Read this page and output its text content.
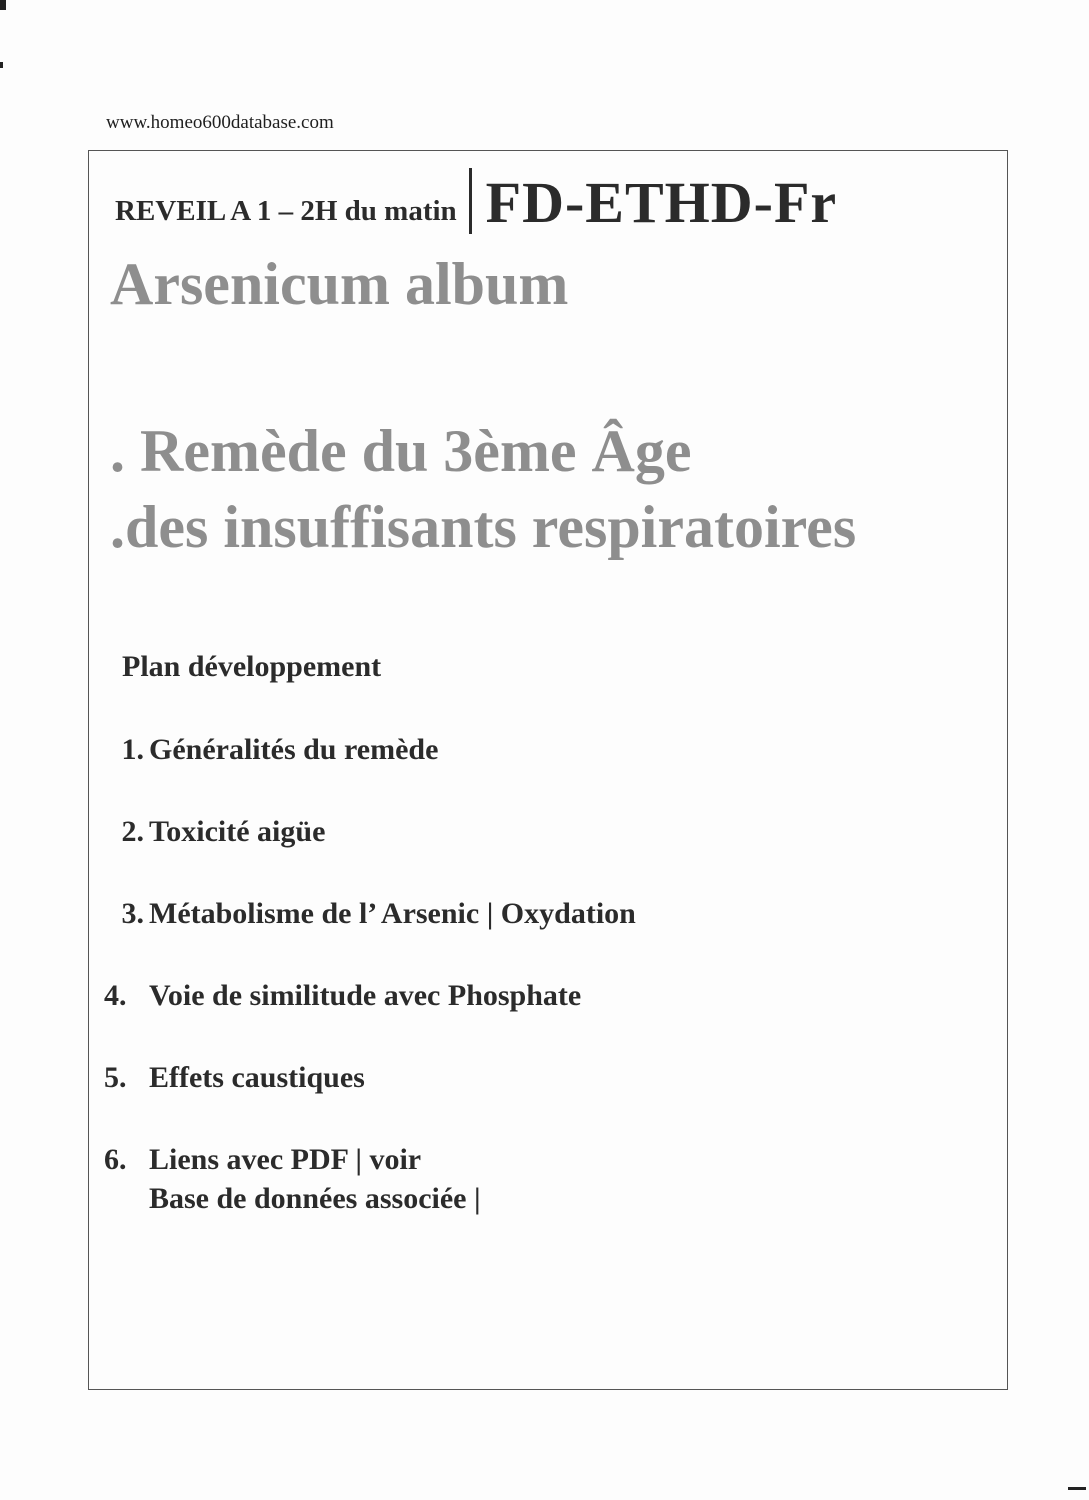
www.homeo600database.com
REVEIL A 1 – 2H du matin FD-ETHD-Fr
Arsenicum album
. Remède du 3ème Âge
.des insuffisants respiratoires
Plan développement
1. Généralités du remède
2. Toxicité aigüe
3. Métabolisme de l’ Arsenic | Oxydation
4. Voie de similitude avec Phosphate
5. Effets caustiques
6. Liens avec PDF | voir
Base de données associée |
